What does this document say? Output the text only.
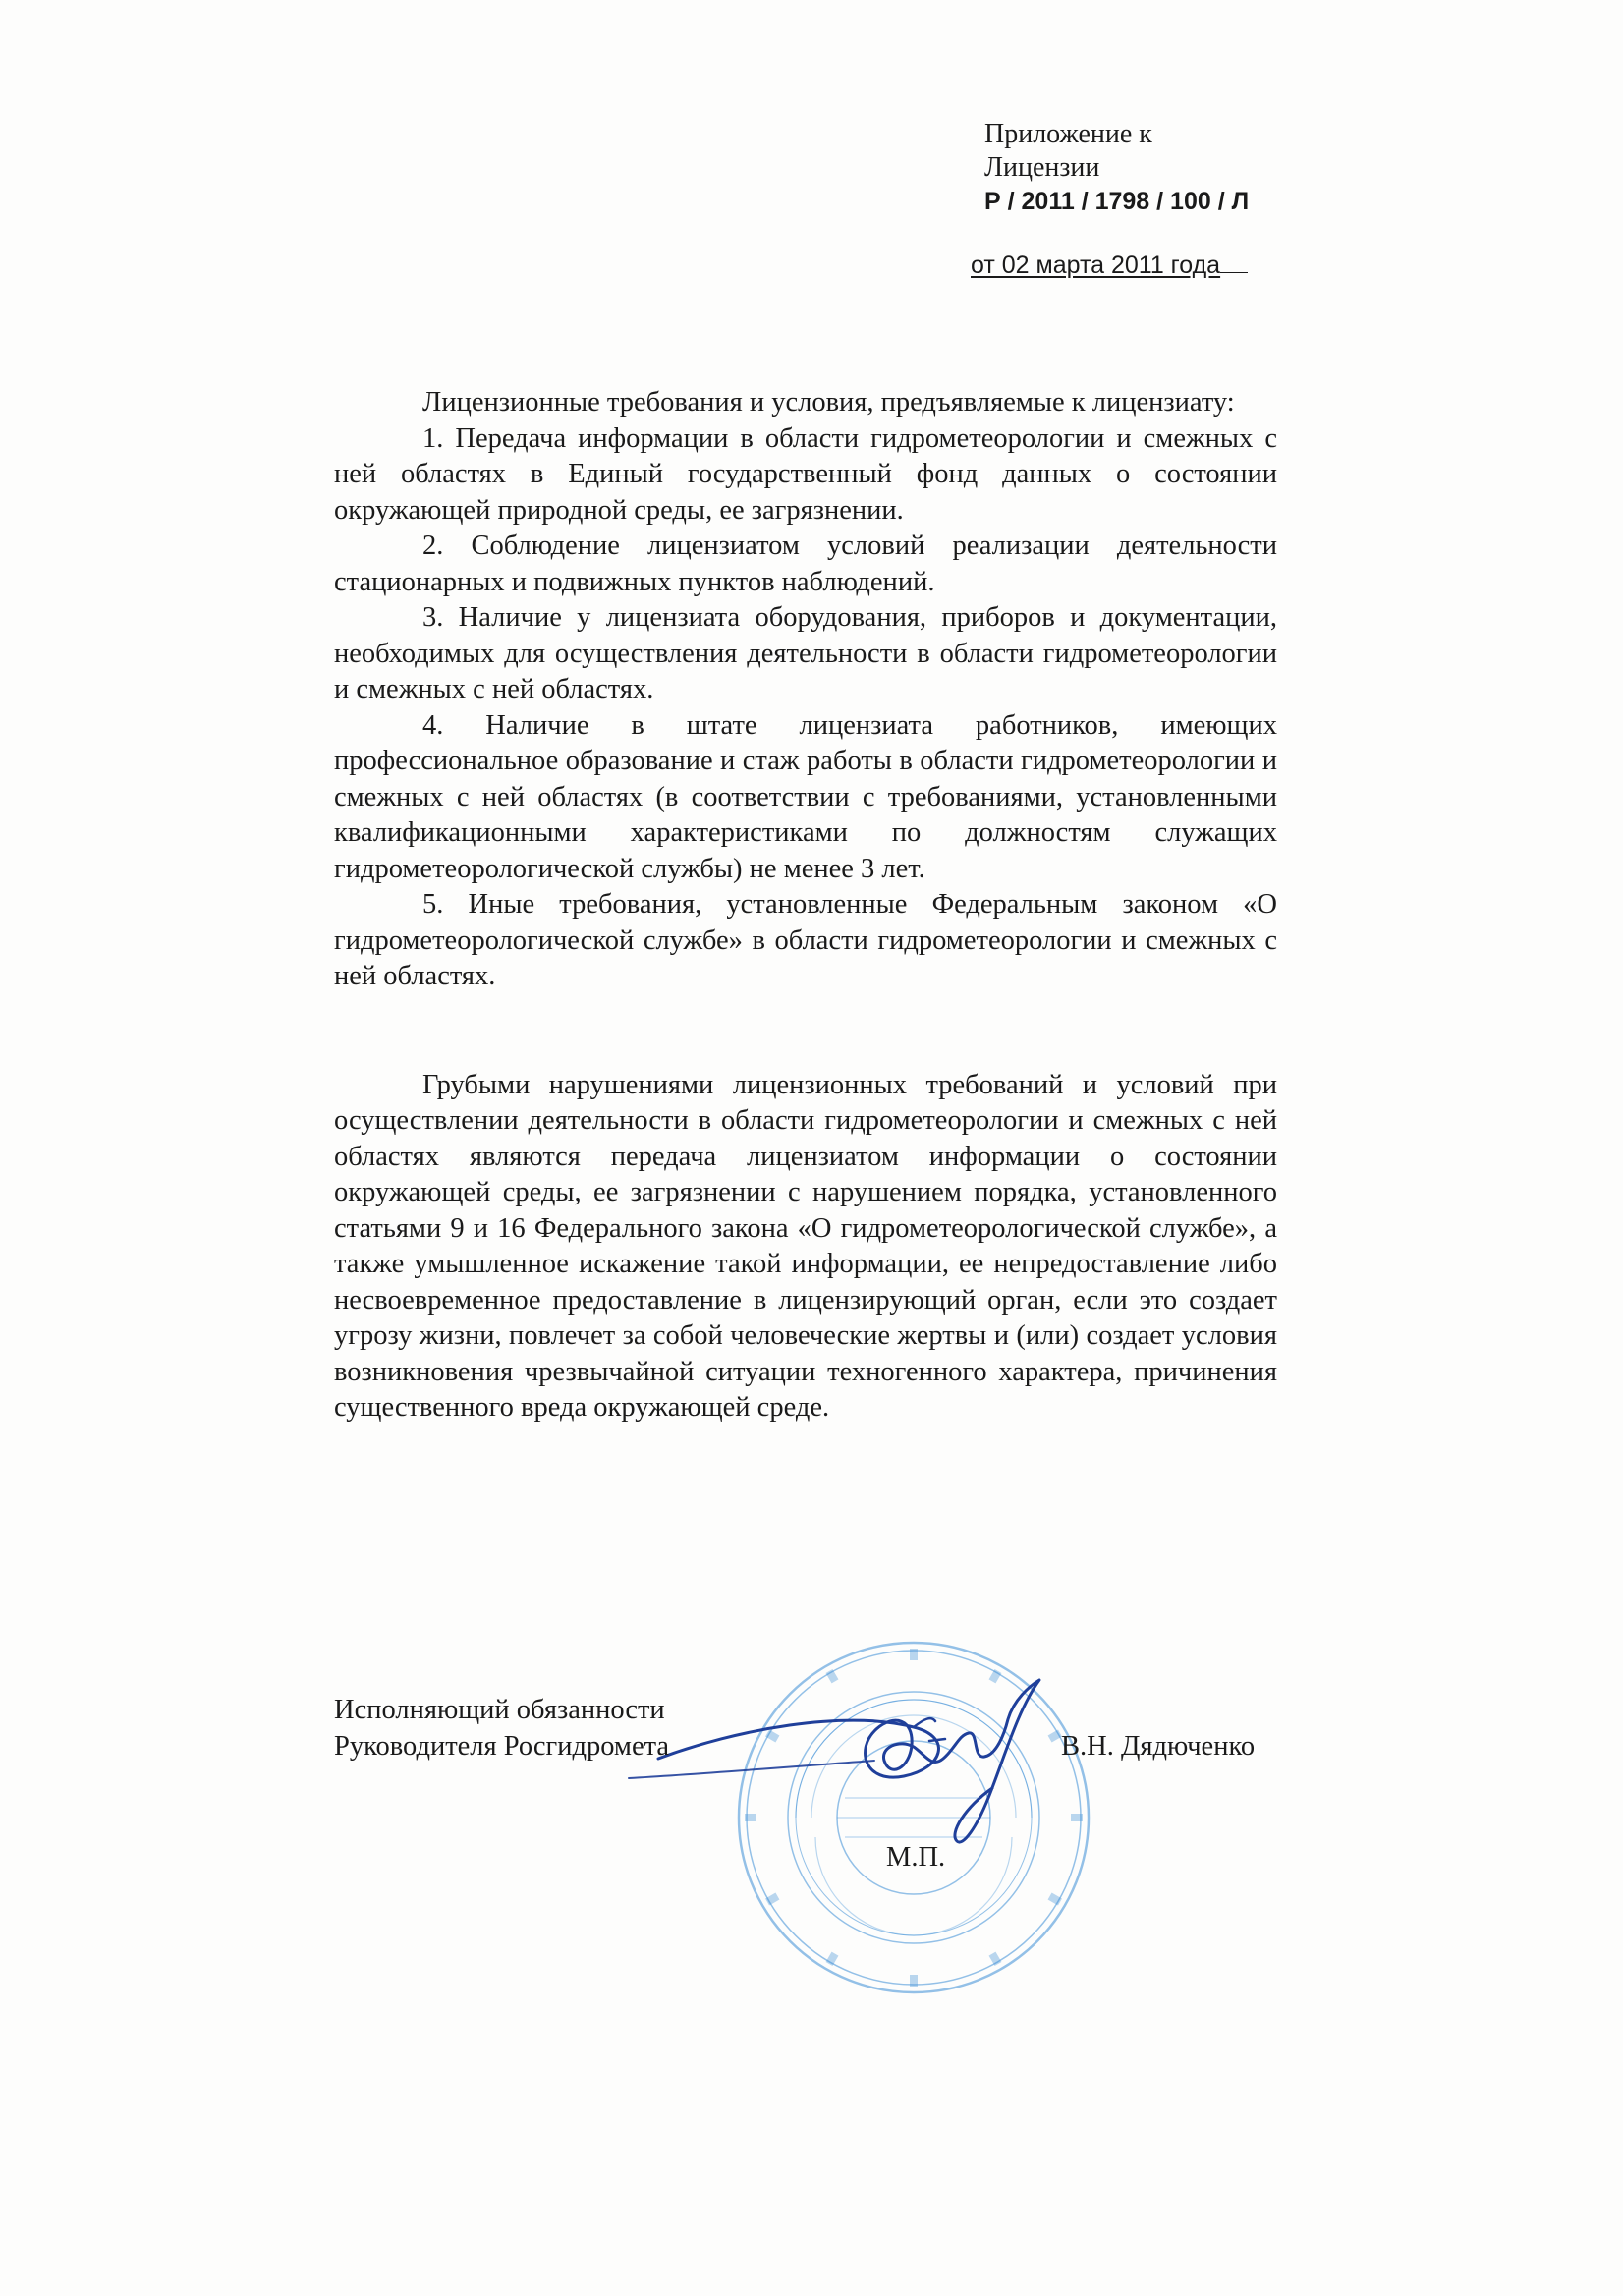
Приложение к
Лицензии
Р / 2011 / 1798 / 100 / Л
от 02 марта 2011 года

Лицензионные требования и условия, предъявляемые к лицензиату:

1. Передача информации в области гидрометеорологии и смежных с ней областях в Единый государственный фонд данных о состоянии окружающей природной среды, ее загрязнении.

2. Соблюдение лицензиатом условий реализации деятельности стационарных и подвижных пунктов наблюдений.

3. Наличие у лицензиата оборудования, приборов и документации, необходимых для осуществления деятельности в области гидрометеорологии и смежных с ней областях.

4. Наличие в штате лицензиата работников, имеющих профессиональное образование и стаж работы в области гидрометеорологии и смежных с ней областях (в соответствии с требованиями, установленными квалификационными характеристиками по должностям служащих гидрометеорологической службы) не менее 3 лет.

5. Иные требования, установленные Федеральным законом «О гидрометеорологической службе» в области гидрометеорологии и смежных с ней областях.

Грубыми нарушениями лицензионных требований и условий при осуществлении деятельности в области гидрометеорологии и смежных с ней областях являются передача лицензиатом информации о состоянии окружающей среды, ее загрязнении с нарушением порядка, установленного статьями 9 и 16 Федерального закона «О гидрометеорологической службе», а также умышленное искажение такой информации, ее непредоставление либо несвоевременное предоставление в лицензирующий орган, если это создает угрозу жизни, повлечет за собой человеческие жертвы и (или) создает условия возникновения чрезвычайной ситуации техногенного характера, причинения существенного вреда окружающей среде.

Исполняющий обязанности
Руководителя Росгидромета	В.Н. Дядюченко
М.П.
